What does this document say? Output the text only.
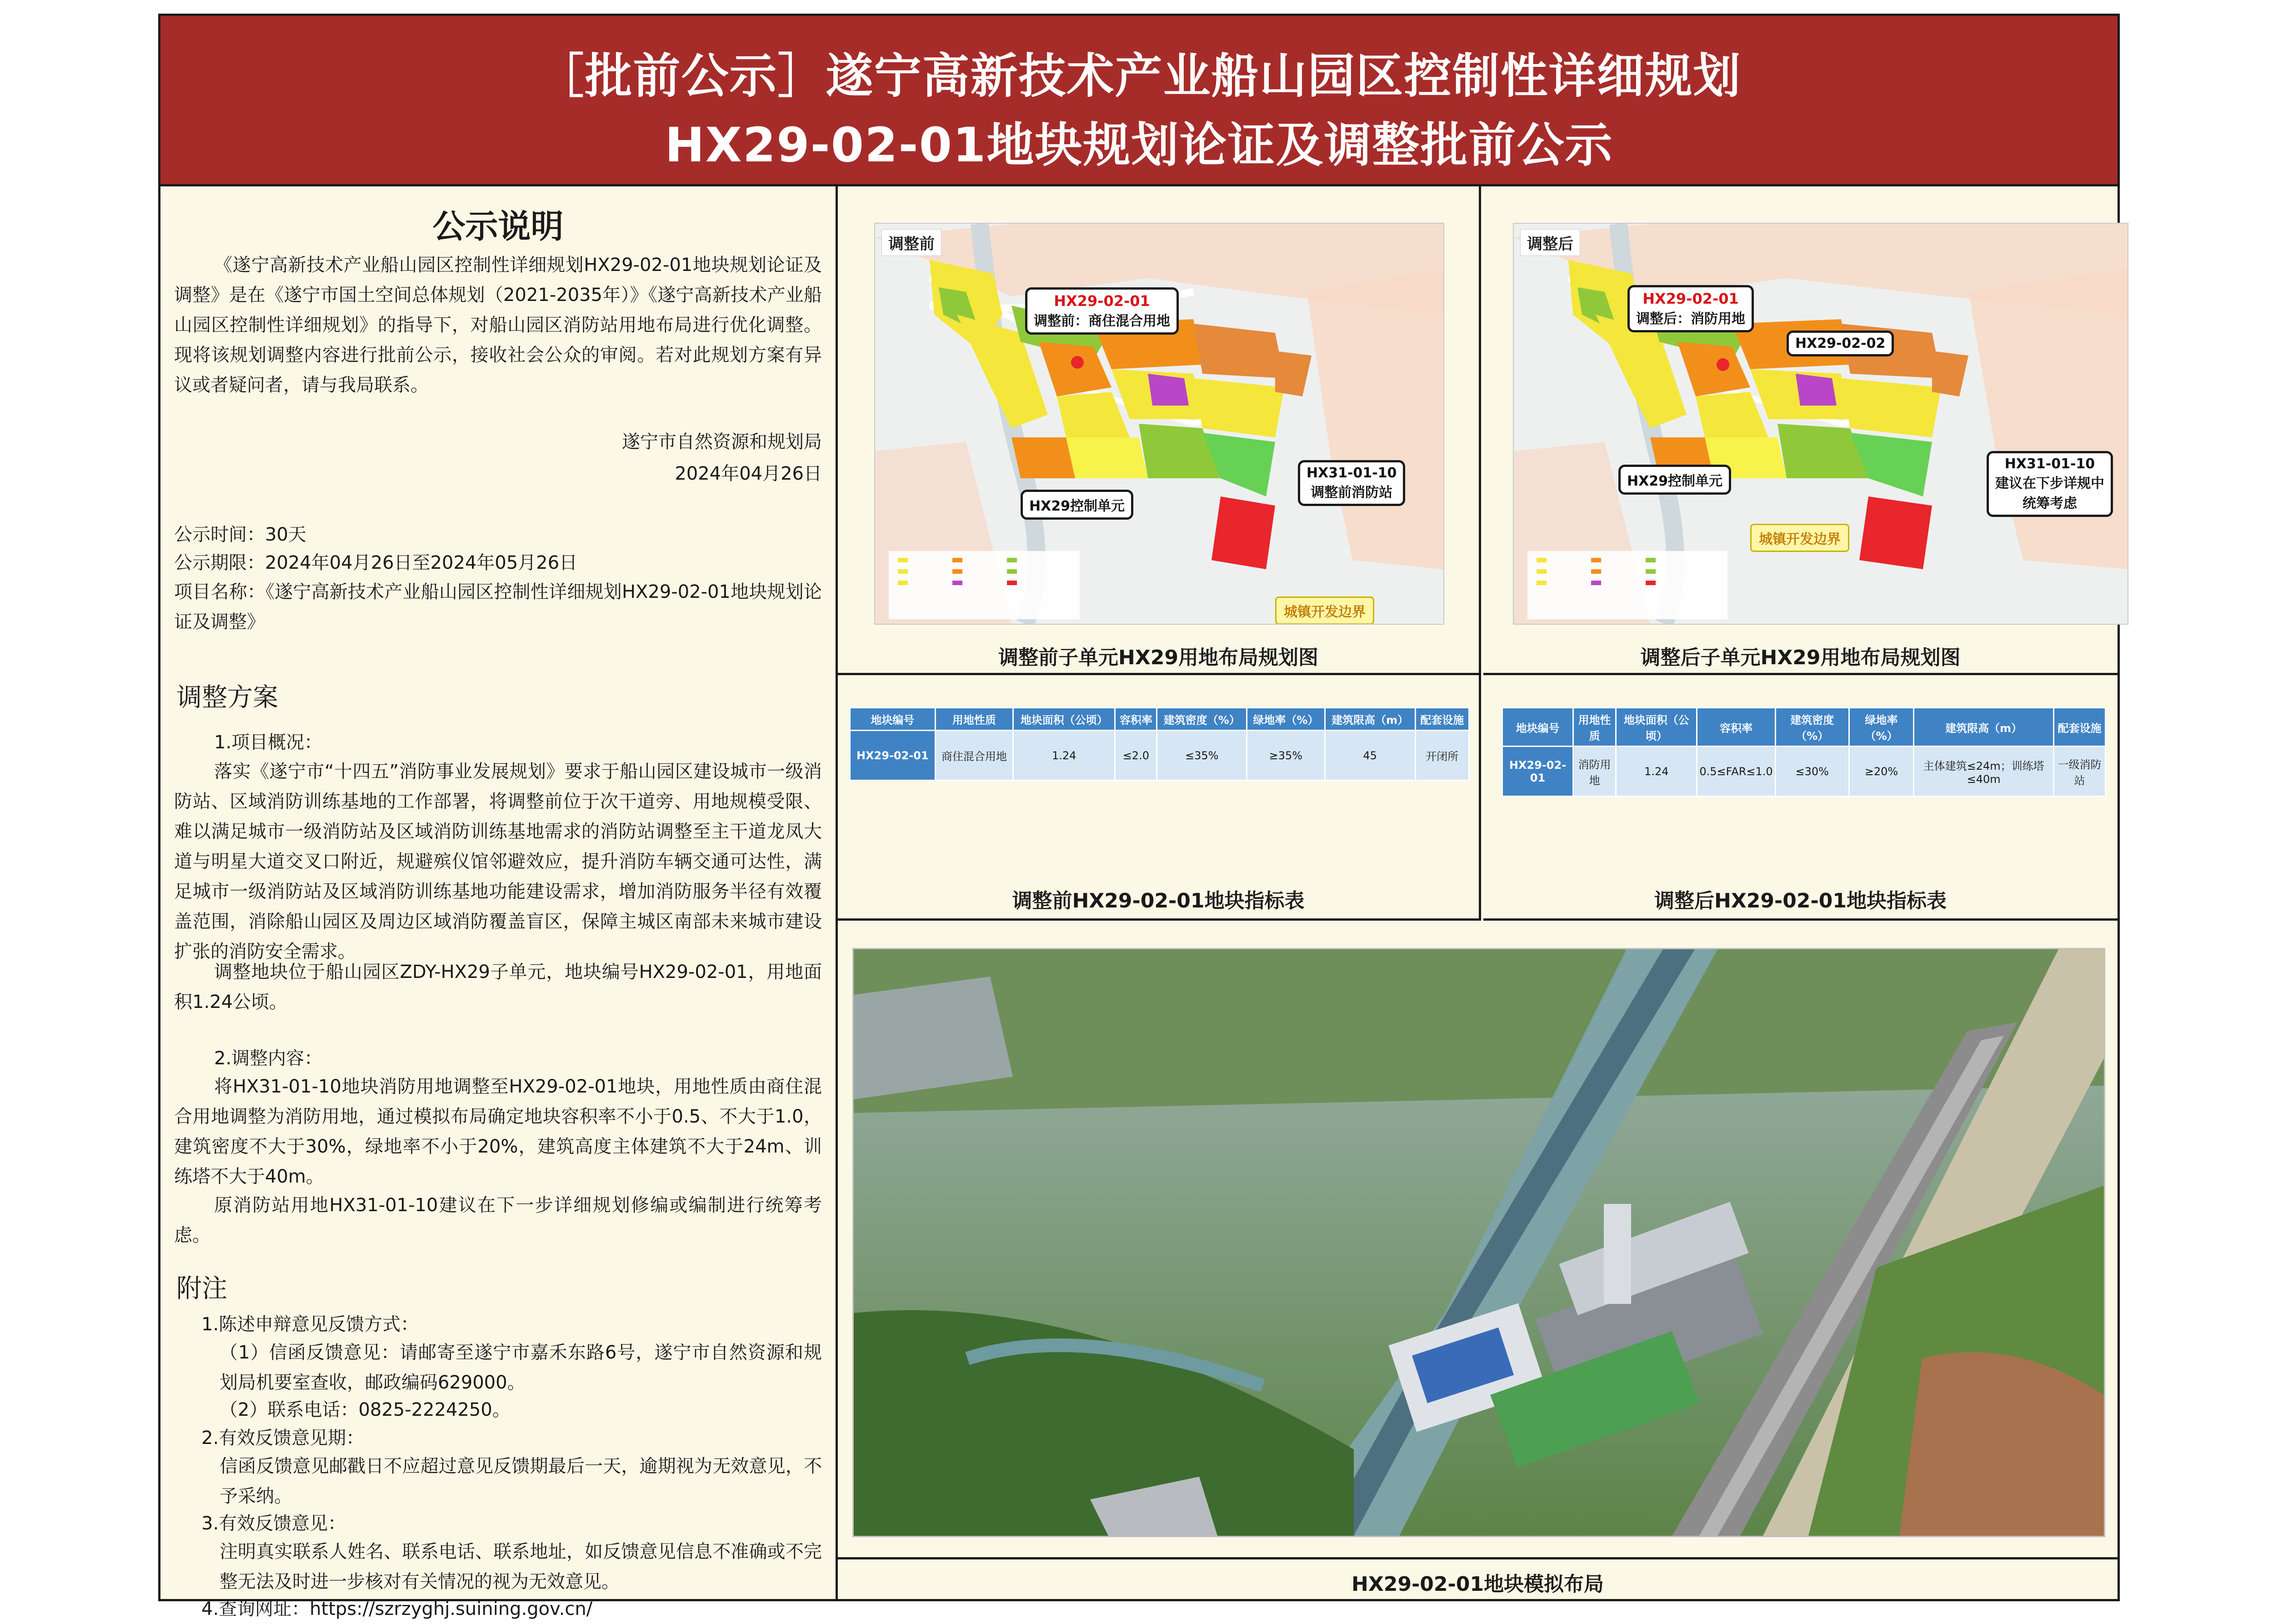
［批前公示］遂宁高新技术产业船山园区控制性详细规划
HX29-02-01地块规划论证及调整批前公示
公示说明
《遂宁高新技术产业船山园区控制性详细规划HX29-02-01地块规划论证及调整》是在《遂宁市国土空间总体规划（2021-2035年）》《遂宁高新技术产业船山园区控制性详细规划》的指导下，对船山园区消防站用地布局进行优化调整。现将该规划调整内容进行批前公示，接收社会公众的审阅。若对此规划方案有异议或者疑问者，请与我局联系。
遂宁市自然资源和规划局
2024年04月26日
公示时间：30天
公示期限：2024年04月26日至2024年05月26日
项目名称：《遂宁高新技术产业船山园区控制性详细规划HX29-02-01地块规划论证及调整》
调整方案
1.项目概况：
落实《遂宁市“十四五”消防事业发展规划》要求于船山园区建设城市一级消防站、区域消防训练基地的工作部署，将调整前位于次干道旁、用地规模受限、难以满足城市一级消防站及区域消防训练基地需求的消防站调整至主干道龙凤大道与明星大道交叉口附近，规避殡仪馆邻避效应，提升消防车辆交通可达性，满足城市一级消防站及区域消防训练基地功能建设需求，增加消防服务半径有效覆盖范围，消除船山园区及周边区域消防覆盖盲区，保障主城区南部未来城市建设扩张的消防安全需求。
调整地块位于船山园区ZDY-HX29子单元，地块编号HX29-02-01，用地面积1.24公顷。
2.调整内容：
将HX31-01-10地块消防用地调整至HX29-02-01地块，用地性质由商住混合用地调整为消防用地，通过模拟布局确定地块容积率不小于0.5、不大于1.0，建筑密度不大于30%，绿地率不小于20%，建筑高度主体建筑不大于24m、训练塔不大于40m。
原消防站用地HX31-01-10建议在下一步详细规划修编或编制进行统筹考虑。
附注
1.陈述申辩意见反馈方式：
（1）信函反馈意见：请邮寄至遂宁市嘉禾东路6号，遂宁市自然资源和规划局机要室查收，邮政编码629000。
（2）联系电话：0825-2224250。
2.有效反馈意见期：
信函反馈意见邮戳日不应超过意见反馈期最后一天，逾期视为无效意见，不予采纳。
3.有效反馈意见：
注明真实联系人姓名、联系电话、联系地址，如反馈意见信息不准确或不完整无法及时进一步核对有关情况的视为无效意见。
4.查询网址：https://szrzyghj.suining.gov.cn/
调整前
HX29-02-01
调整前：商住混合用地
HX31-01-10
调整前消防站
HX29控制单元
城镇开发边界
调整前子单元HX29用地布局规划图
调整后
HX29-02-01
调整后：消防用地
HX29-02-02
HX31-01-10
建议在下步详规中
统筹考虑
HX29控制单元
城镇开发边界
调整后子单元HX29用地布局规划图
地块编号	用地性质	地块面积（公顷）	容积率	建筑密度（%）	绿地率（%）	建筑限高（m）	配套设施
HX29-02-01	商住混合用地	1.24	≤2.0	≤35%	≥35%	45	开闭所
调整前HX29-02-01地块指标表
地块编号	用地性质	地块面积（公顷）	容积率	建筑密度（%）	绿地率（%）	建筑限高（m）	配套设施
HX29-02-01	消防用地	1.24	0.5≤FAR≤1.0	≤30%	≥20%	主体建筑≤24m；训练塔≤40m	一级消防站
调整后HX29-02-01地块指标表
HX29-02-01地块模拟布局
